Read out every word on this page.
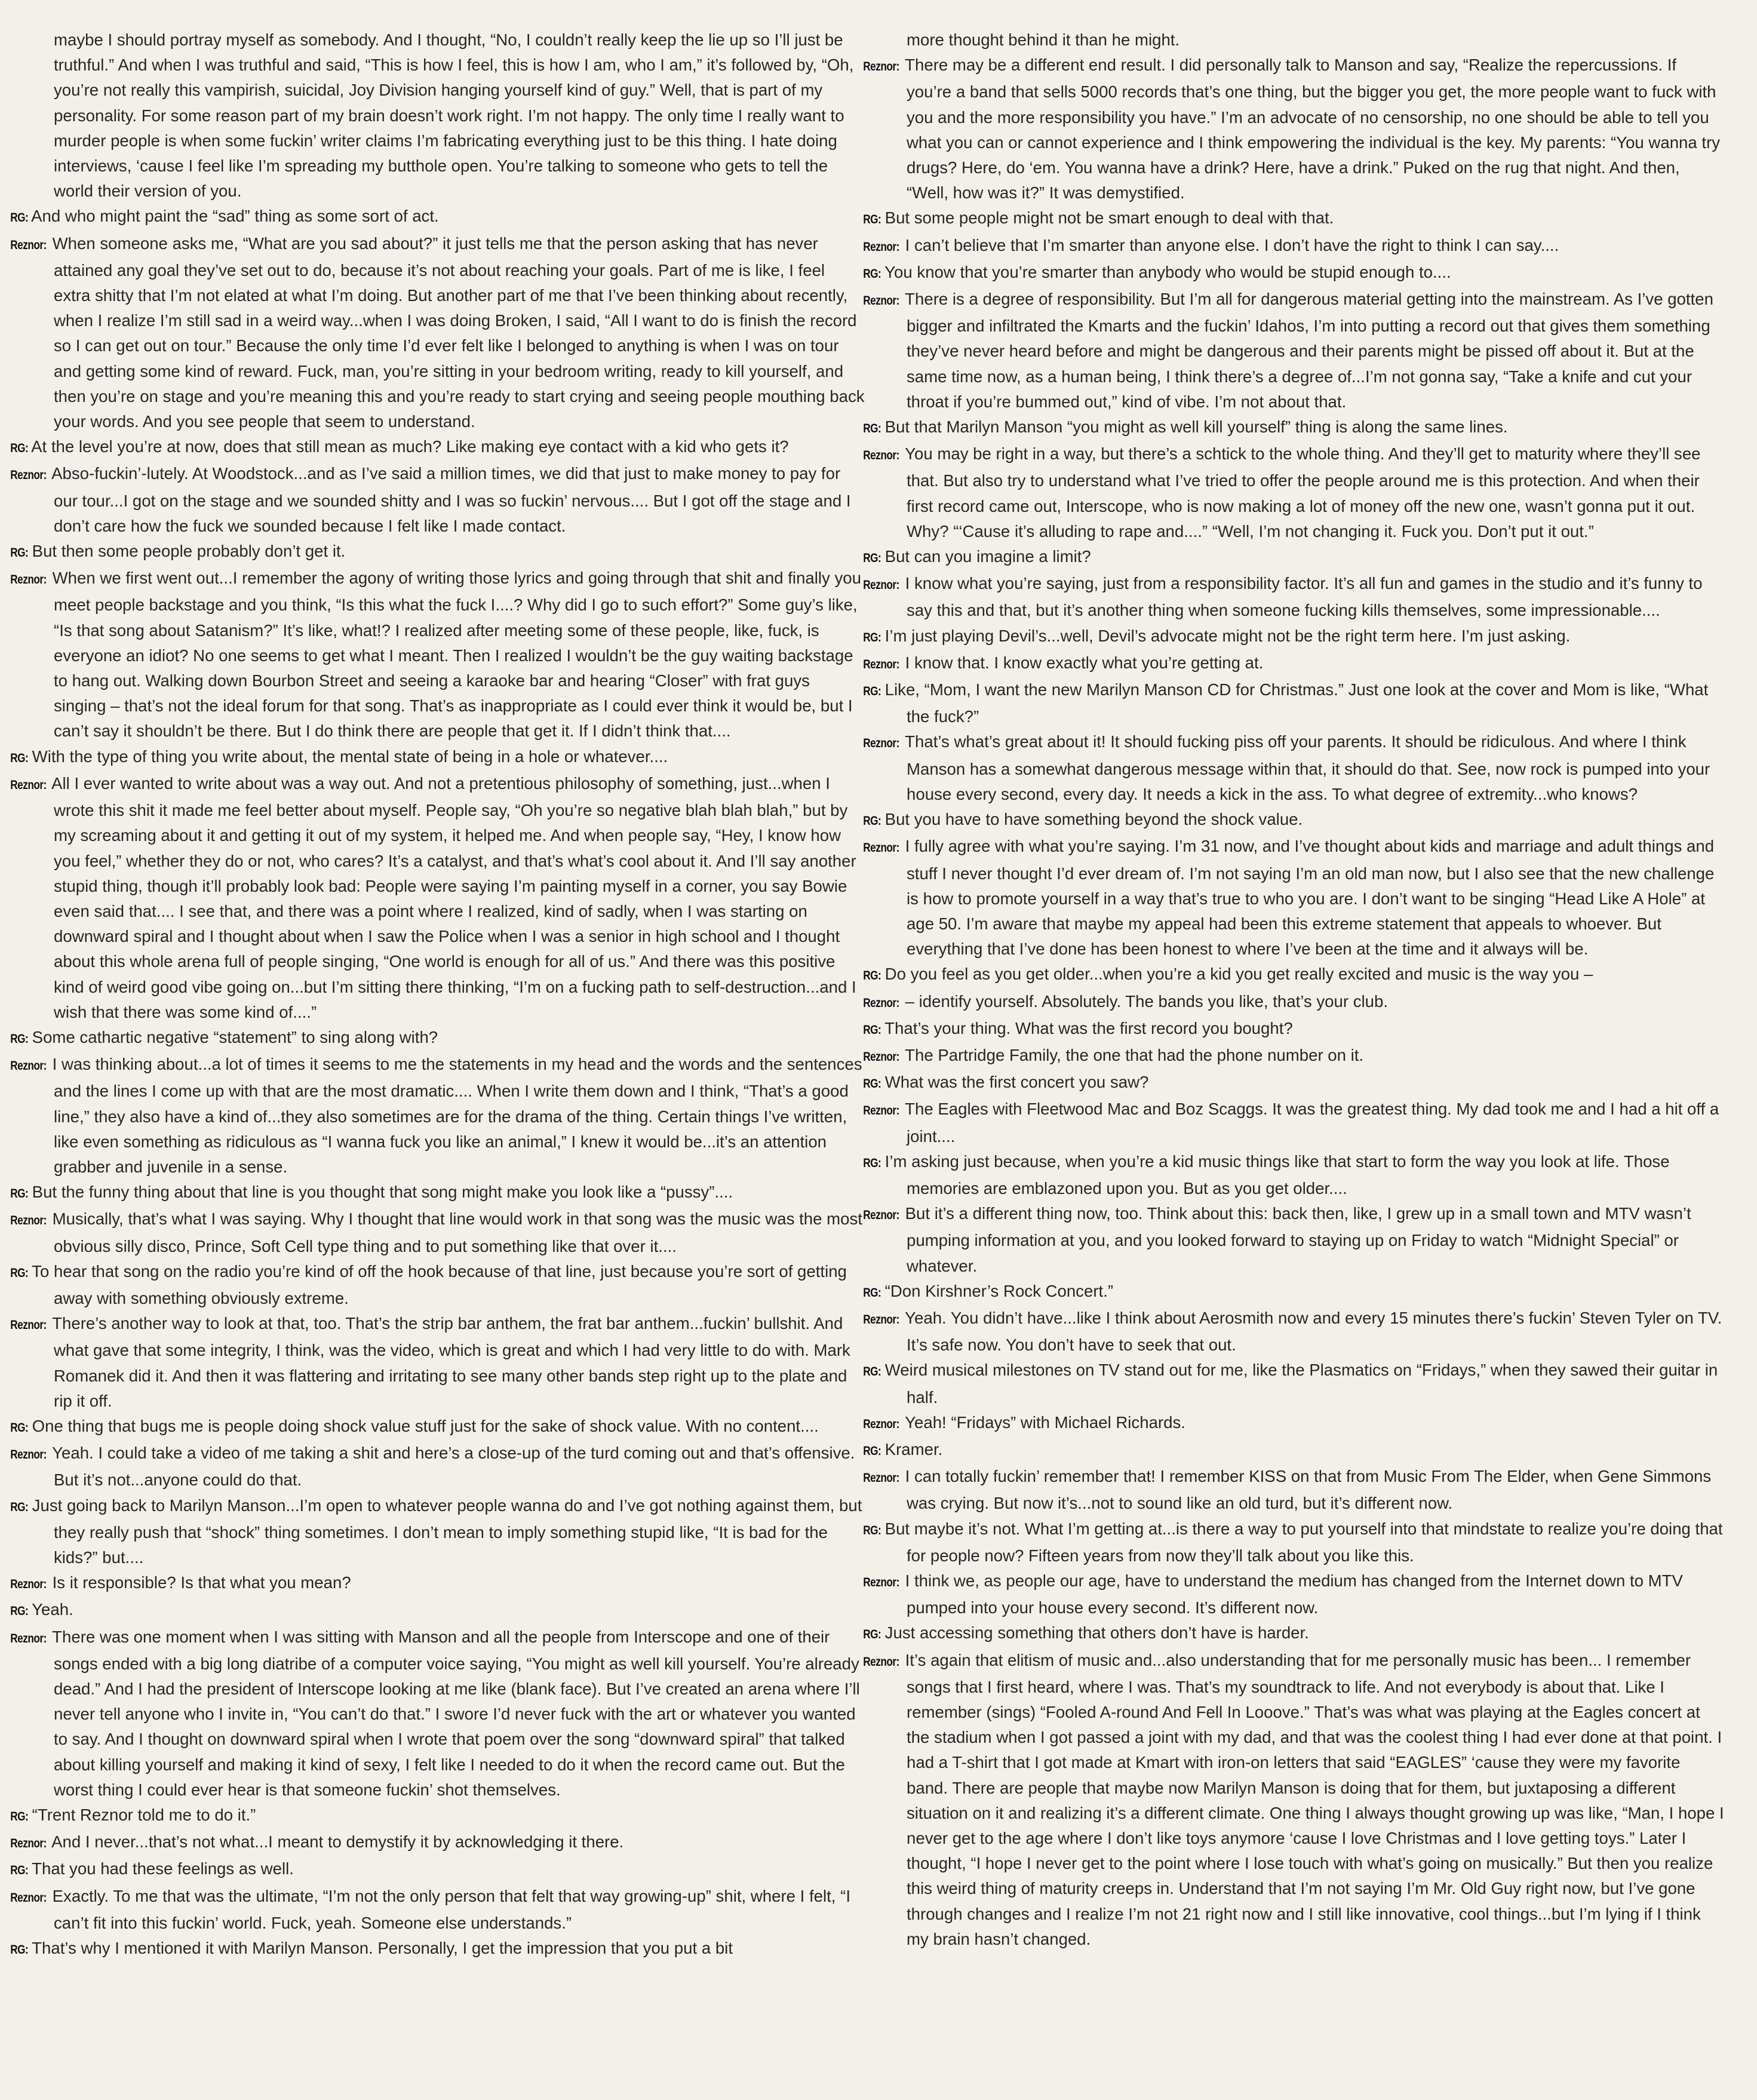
maybe I should portray myself as somebody. And I thought, “No, I couldn’t really keep the lie up so I’ll just be truthful.” And when I was truthful and said, “This is how I feel, this is how I am, who I am,” it’s followed by, “Oh, you’re not really this vampirish, suicidal, Joy Division hanging yourself kind of guy.” Well, that is part of my personality. For some reason part of my brain doesn’t work right. I’m not happy. The only time I really want to murder people is when some fuckin’ writer claims I’m fabricating everything just to be this thing. I hate doing interviews, ‘cause I feel like I’m spreading my butthole open. You’re talking to someone who gets to tell the world their version of you.

RG: And who might paint the “sad” thing as some sort of act.

Reznor: When someone asks me, “What are you sad about?” it just tells me that the person asking that has never attained any goal they’ve set out to do, because it’s not about reaching your goals. Part of me is like, I feel extra shitty that I’m not elated at what I’m doing. But another part of me that I’ve been thinking about recently, when I realize I’m still sad in a weird way...when I was doing Broken, I said, “All I want to do is finish the record so I can get out on tour.” Because the only time I’d ever felt like I belonged to anything is when I was on tour and getting some kind of reward. Fuck, man, you’re sitting in your bedroom writing, ready to kill yourself, and then you’re on stage and you’re meaning this and you’re ready to start crying and seeing people mouthing back your words. And you see people that seem to understand.

RG: At the level you’re at now, does that still mean as much? Like making eye contact with a kid who gets it?

Reznor: Abso-fuckin’-lutely. At Woodstock...and as I’ve said a million times, we did that just to make money to pay for our tour...I got on the stage and we sounded shitty and I was so fuckin’ nervous.... But I got off the stage and I don’t care how the fuck we sounded because I felt like I made contact.

RG: But then some people probably don’t get it.

Reznor: When we first went out...I remember the agony of writing those lyrics and going through that shit and finally you meet people backstage and you think, “Is this what the fuck I....? Why did I go to such effort?” Some guy’s like, “Is that song about Satanism?” It’s like, what!? I realized after meeting some of these people, like, fuck, is everyone an idiot? No one seems to get what I meant. Then I realized I wouldn’t be the guy waiting backstage to hang out. Walking down Bourbon Street and seeing a karaoke bar and hearing “Closer” with frat guys singing – that’s not the ideal forum for that song. That’s as inappropriate as I could ever think it would be, but I can’t say it shouldn’t be there. But I do think there are people that get it. If I didn’t think that....

RG: With the type of thing you write about, the mental state of being in a hole or whatever....

Reznor: All I ever wanted to write about was a way out. And not a pretentious philosophy of something, just...when I wrote this shit it made me feel better about myself. People say, “Oh you’re so negative blah blah blah,” but by my screaming about it and getting it out of my system, it helped me. And when people say, “Hey, I know how you feel,” whether they do or not, who cares? It’s a catalyst, and that’s what’s cool about it. And I’ll say another stupid thing, though it’ll probably look bad: People were saying I’m painting myself in a corner, you say Bowie even said that.... I see that, and there was a point where I realized, kind of sadly, when I was starting on downward spiral and I thought about when I saw the Police when I was a senior in high school and I thought about this whole arena full of people singing, “One world is enough for all of us.” And there was this positive kind of weird good vibe going on...but I’m sitting there thinking, “I’m on a fucking path to self-destruction...and I wish that there was some kind of....”

RG: Some cathartic negative “statement” to sing along with?

Reznor: I was thinking about...a lot of times it seems to me the statements in my head and the words and the sentences and the lines I come up with that are the most dramatic.... When I write them down and I think, “That’s a good line,” they also have a kind of...they also sometimes are for the drama of the thing. Certain things I’ve written, like even something as ridiculous as “I wanna fuck you like an animal,” I knew it would be...it’s an attention grabber and juvenile in a sense.

RG: But the funny thing about that line is you thought that song might make you look like a “pussy”....

Reznor: Musically, that’s what I was saying. Why I thought that line would work in that song was the music was the most obvious silly disco, Prince, Soft Cell type thing and to put something like that over it....

RG: To hear that song on the radio you’re kind of off the hook because of that line, just because you’re sort of getting away with something obviously extreme.

Reznor: There’s another way to look at that, too. That’s the strip bar anthem, the frat bar anthem...fuckin’ bullshit. And what gave that some integrity, I think, was the video, which is great and which I had very little to do with. Mark Romanek did it. And then it was flattering and irritating to see many other bands step right up to the plate and rip it off.

RG: One thing that bugs me is people doing shock value stuff just for the sake of shock value. With no content....

Reznor: Yeah. I could take a video of me taking a shit and here’s a close-up of the turd coming out and that’s offensive. But it’s not...anyone could do that.

RG: Just going back to Marilyn Manson...I’m open to whatever people wanna do and I’ve got nothing against them, but they really push that “shock” thing sometimes. I don’t mean to imply something stupid like, “It is bad for the kids?” but....

Reznor: Is it responsible? Is that what you mean?

RG: Yeah.

Reznor: There was one moment when I was sitting with Manson and all the people from Interscope and one of their songs ended with a big long diatribe of a computer voice saying, “You might as well kill yourself. You’re already dead.” And I had the president of Interscope looking at me like (blank face). But I’ve created an arena where I’ll never tell anyone who I invite in, “You can’t do that.” I swore I’d never fuck with the art or whatever you wanted to say. And I thought on downward spiral when I wrote that poem over the song “downward spiral” that talked about killing yourself and making it kind of sexy, I felt like I needed to do it when the record came out. But the worst thing I could ever hear is that someone fuckin’ shot themselves.

RG: “Trent Reznor told me to do it.”

Reznor: And I never...that’s not what...I meant to demystify it by acknowledging it there.

RG: That you had these feelings as well.

Reznor: Exactly. To me that was the ultimate, “I’m not the only person that felt that way growing-up” shit, where I felt, “I can’t fit into this fuckin’ world. Fuck, yeah. Someone else understands.”

RG: That’s why I mentioned it with Marilyn Manson. Personally, I get the impression that you put a bit

more thought behind it than he might.

Reznor: There may be a different end result. I did personally talk to Manson and say, “Realize the repercussions. If you’re a band that sells 5000 records that’s one thing, but the bigger you get, the more people want to fuck with you and the more responsibility you have.” I’m an advocate of no censorship, no one should be able to tell you what you can or cannot experience and I think empowering the individual is the key. My parents: “You wanna try drugs? Here, do ‘em. You wanna have a drink? Here, have a drink.” Puked on the rug that night. And then, “Well, how was it?” It was demystified.

RG: But some people might not be smart enough to deal with that.

Reznor: I can’t believe that I’m smarter than anyone else. I don’t have the right to think I can say....

RG: You know that you’re smarter than anybody who would be stupid enough to....

Reznor: There is a degree of responsibility. But I’m all for dangerous material getting into the mainstream. As I’ve gotten bigger and infiltrated the Kmarts and the fuckin’ Idahos, I’m into putting a record out that gives them something they’ve never heard before and might be dangerous and their parents might be pissed off about it. But at the same time now, as a human being, I think there’s a degree of...I’m not gonna say, “Take a knife and cut your throat if you’re bummed out,” kind of vibe. I’m not about that.

RG: But that Marilyn Manson “you might as well kill yourself” thing is along the same lines.

Reznor: You may be right in a way, but there’s a schtick to the whole thing. And they’ll get to maturity where they’ll see that. But also try to understand what I’ve tried to offer the people around me is this protection. And when their first record came out, Interscope, who is now making a lot of money off the new one, wasn’t gonna put it out. Why? “‘Cause it’s alluding to rape and....” “Well, I’m not changing it. Fuck you. Don’t put it out.”

RG: But can you imagine a limit?

Reznor: I know what you’re saying, just from a responsibility factor. It’s all fun and games in the studio and it’s funny to say this and that, but it’s another thing when someone fucking kills themselves, some impressionable....

RG: I’m just playing Devil’s...well, Devil’s advocate might not be the right term here. I’m just asking.

Reznor: I know that. I know exactly what you’re getting at.

RG: Like, “Mom, I want the new Marilyn Manson CD for Christmas.” Just one look at the cover and Mom is like, “What the fuck?”

Reznor: That’s what’s great about it! It should fucking piss off your parents. It should be ridiculous. And where I think Manson has a somewhat dangerous message within that, it should do that. See, now rock is pumped into your house every second, every day. It needs a kick in the ass. To what degree of extremity...who knows?

RG: But you have to have something beyond the shock value.

Reznor: I fully agree with what you’re saying. I’m 31 now, and I’ve thought about kids and marriage and adult things and stuff I never thought I’d ever dream of. I’m not saying I’m an old man now, but I also see that the new challenge is how to promote yourself in a way that’s true to who you are. I don’t want to be singing “Head Like A Hole” at age 50. I’m aware that maybe my appeal had been this extreme statement that appeals to whoever. But everything that I’ve done has been honest to where I’ve been at the time and it always will be.

RG: Do you feel as you get older...when you’re a kid you get really excited and music is the way you –

Reznor: – identify yourself. Absolutely. The bands you like, that’s your club.

RG: That’s your thing. What was the first record you bought?

Reznor: The Partridge Family, the one that had the phone number on it.

RG: What was the first concert you saw?

Reznor: The Eagles with Fleetwood Mac and Boz Scaggs. It was the greatest thing. My dad took me and I had a hit off a joint....

RG: I’m asking just because, when you’re a kid music things like that start to form the way you look at life. Those memories are emblazoned upon you. But as you get older....

Reznor: But it’s a different thing now, too. Think about this: back then, like, I grew up in a small town and MTV wasn’t pumping information at you, and you looked forward to staying up on Friday to watch “Midnight Special” or whatever.

RG: “Don Kirshner’s Rock Concert.”

Reznor: Yeah. You didn’t have...like I think about Aerosmith now and every 15 minutes there’s fuckin’ Steven Tyler on TV. It’s safe now. You don’t have to seek that out.

RG: Weird musical milestones on TV stand out for me, like the Plasmatics on “Fridays,” when they sawed their guitar in half.

Reznor: Yeah! “Fridays” with Michael Richards.

RG: Kramer.

Reznor: I can totally fuckin’ remember that! I remember KISS on that from Music From The Elder, when Gene Simmons was crying. But now it’s...not to sound like an old turd, but it’s different now.

RG: But maybe it’s not. What I’m getting at...is there a way to put yourself into that mindstate to realize you’re doing that for people now? Fifteen years from now they’ll talk about you like this.

Reznor: I think we, as people our age, have to understand the medium has changed from the Internet down to MTV pumped into your house every second. It’s different now.

RG: Just accessing something that others don’t have is harder.

Reznor: It’s again that elitism of music and...also understanding that for me personally music has been... I remember songs that I first heard, where I was. That’s my soundtrack to life. And not everybody is about that. Like I remember (sings) “Fooled A-round And Fell In Looove.” That’s was what was playing at the Eagles concert at the stadium when I got passed a joint with my dad, and that was the coolest thing I had ever done at that point. I had a T-shirt that I got made at Kmart with iron-on letters that said “EAGLES” ‘cause they were my favorite band. There are people that maybe now Marilyn Manson is doing that for them, but juxtaposing a different situation on it and realizing it’s a different climate. One thing I always thought growing up was like, “Man, I hope I never get to the age where I don’t like toys anymore ‘cause I love Christmas and I love getting toys.” Later I thought, “I hope I never get to the point where I lose touch with what’s going on musically.” But then you realize this weird thing of maturity creeps in. Understand that I’m not saying I’m Mr. Old Guy right now, but I’ve gone through changes and I realize I’m not 21 right now and I still like innovative, cool things...but I’m lying if I think my brain hasn’t changed.
